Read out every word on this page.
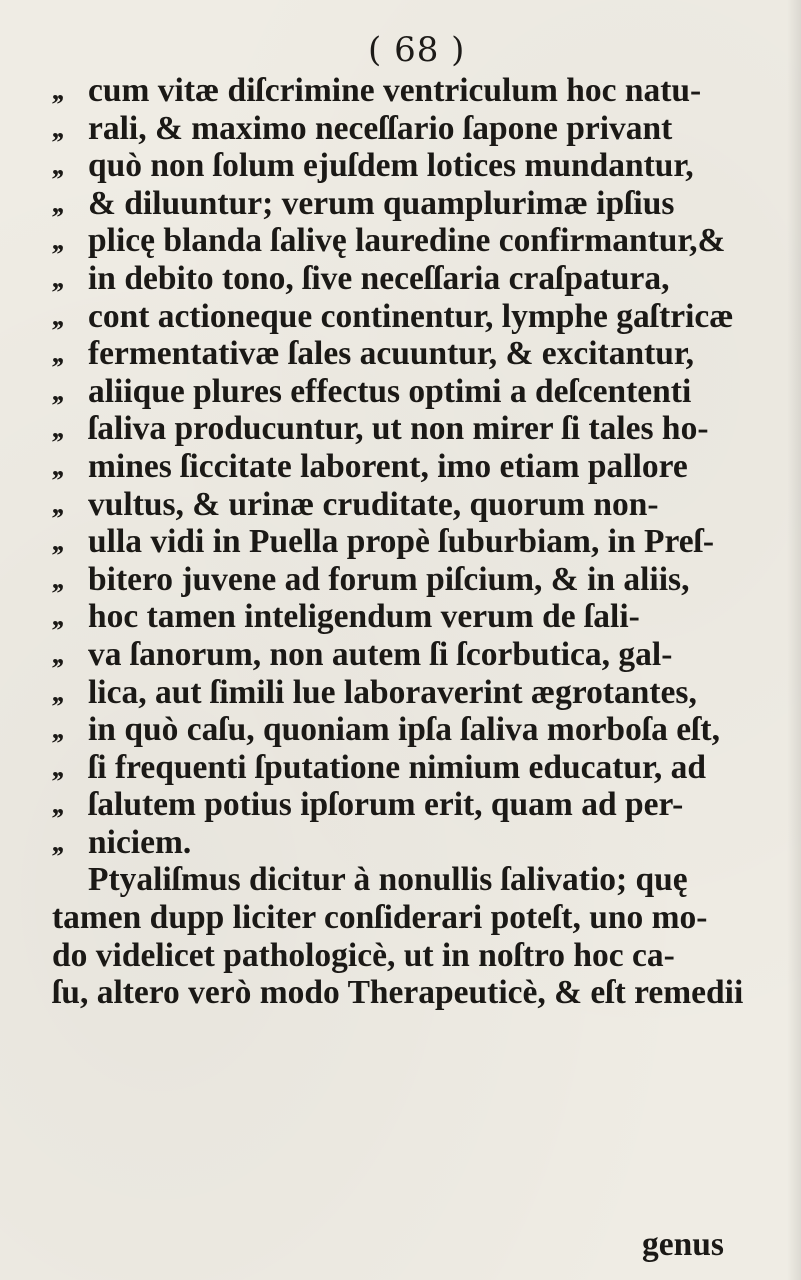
( 68 )
,, cum vitæ diſcrimine ventriculum hoc natu-
,, rali, & maximo neceſſario ſapone privant
,, quò non ſolum ejuſdem lotices mundantur,
,, & diluuntur; verum quamplurimæ ipſius
,, plicę blanda ſalivę lauredine confirmantur,&
,, in debito tono, ſive neceſſaria craſpatura,
,, cont actioneque continentur, lymphe gaſtricæ
,, fermentativæ ſales acuuntur, & excitantur,
,, aliique plures effectus optimi a deſcententi
,, ſaliva producuntur, ut non mirer ſi tales ho-
,, mines ſiccitate laborent, imo etiam pallore
,, vultus, & urinæ cruditate, quorum non-
,, ulla vidi in Puella propè ſuburbiam, in Preſ-
,, bitero juvene ad forum piſcium, & in aliis,
,, hoc tamen inteligendum verum de ſali-
,, va ſanorum, non autem ſi ſcorbutica, gal-
,, lica, aut ſimili lue laboraverint ægrotantes,
,, in quò caſu, quoniam ipſa ſaliva morboſa eſt,
,, ſi frequenti ſputatione nimium educatur, ad
,, ſalutem potius ipſorum erit, quam ad per-
,, niciem.
Ptyaliſmus dicitur à nonullis ſalivatio; quę
tamen dupp liciter conſiderari poteſt, uno mo-
do videlicet pathologicè, ut in noſtro hoc ca-
ſu, altero verò modo Therapeuticè, & eſt remedii
genus
